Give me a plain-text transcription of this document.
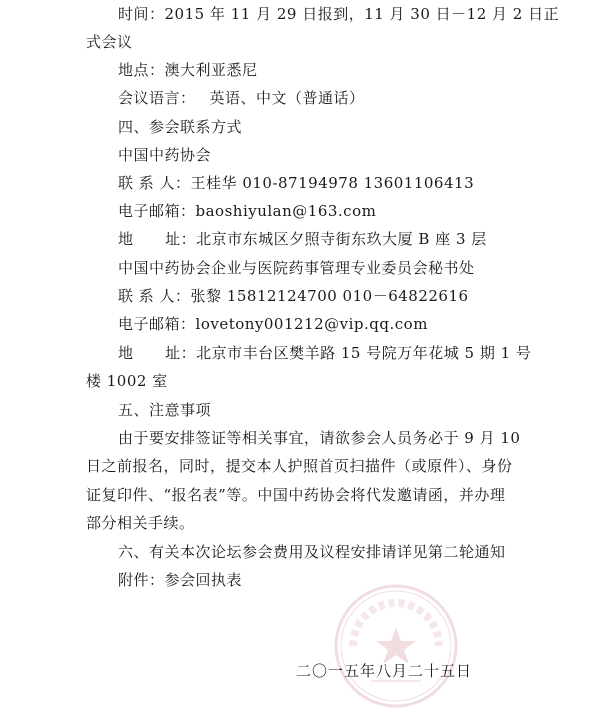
时间：2015 年 11 月 29 日报到，11 月 30 日－12 月 2 日正
式会议
地点：澳大利亚悉尼
会议语言： 英语、中文（普通话）
四、参会联系方式
中国中药协会
联 系 人：王桂华 010-87194978 13601106413
电子邮箱：baoshiyulan@163.com
地      址：北京市东城区夕照寺街东玖大厦 B 座 3 层
中国中药协会企业与医院药事管理专业委员会秘书处
联 系 人：张黎 15812124700 010－64822616
电子邮箱：lovetony001212@vip.qq.com
地      址：北京市丰台区樊羊路 15 号院万年花城 5 期 1 号
楼 1002 室
五、注意事项
由于要安排签证等相关事宜，请欲参会人员务必于 9 月 10
日之前报名，同时，提交本人护照首页扫描件（或原件）、身份
证复印件、“报名表”等。中国中药协会将代发邀请函，并办理
部分相关手续。
六、有关本次论坛参会费用及议程安排请详见第二轮通知
附件：参会回执表
二〇一五年八月二十五日
